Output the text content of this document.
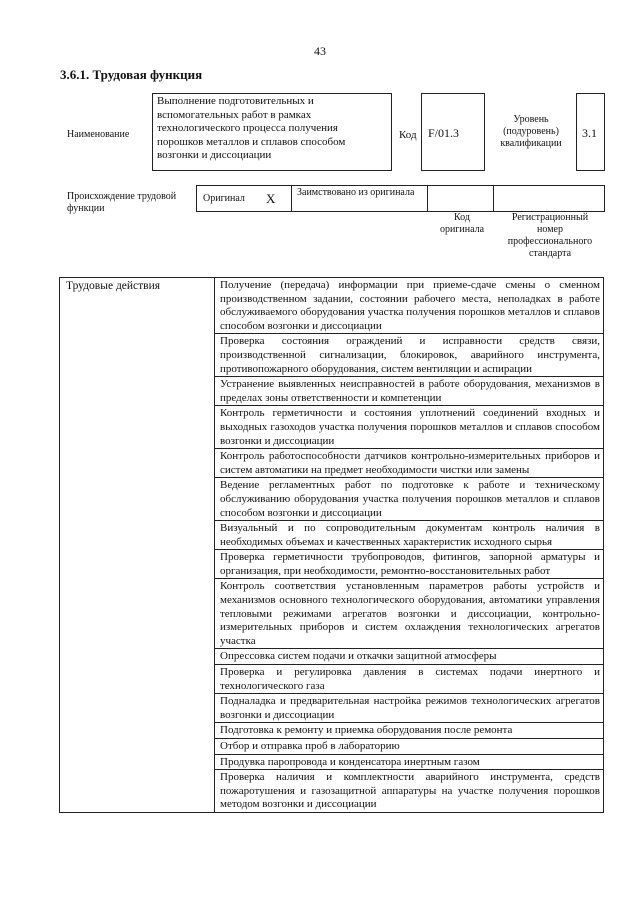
43
3.6.1. Трудовая функция
Наименование
Выполнение подготовительных и вспомогательных работ в рамках технологического процесса получения порошков металлов и сплавов способом возгонки и диссоциации
Код F/01.3
Уровень (подуровень) квалификации
3.1
Происхождение трудовой функции
Оригинал X Заимствовано из оригинала
Код оригинала
Регистрационный номер профессионального стандарта
Трудовые действия	Получение (передача) информации при приеме-сдаче смены о сменном производственном задании, состоянии рабочего места, неполадках в работе обслуживаемого оборудования участка получения порошков металлов и сплавов способом возгонки и диссоциации
Проверка состояния ограждений и исправности средств связи, производственной сигнализации, блокировок, аварийного инструмента, противопожарного оборудования, систем вентиляции и аспирации
Устранение выявленных неисправностей в работе оборудования, механизмов в пределах зоны ответственности и компетенции
Контроль герметичности и состояния уплотнений соединений входных и выходных газоходов участка получения порошков металлов и сплавов способом возгонки и диссоциации
Контроль работоспособности датчиков контрольно-измерительных приборов и систем автоматики на предмет необходимости чистки или замены
Ведение регламентных работ по подготовке к работе и техническому обслуживанию оборудования участка получения порошков металлов и сплавов способом возгонки и диссоциации
Визуальный и по сопроводительным документам контроль наличия в необходимых объемах и качественных характеристик исходного сырья
Проверка герметичности трубопроводов, фитингов, запорной арматуры и организация, при необходимости, ремонтно-восстановительных работ
Контроль соответствия установленным параметров работы устройств и механизмов основного технологического оборудования, автоматики управления тепловыми режимами агрегатов возгонки и диссоциации, контрольно-измерительных приборов и систем охлаждения технологических агрегатов участка
Опрессовка систем подачи и откачки защитной атмосферы
Проверка и регулировка давления в системах подачи инертного и технологического газа
Подналадка и предварительная настройка режимов технологических агрегатов возгонки и диссоциации
Подготовка к ремонту и приемка оборудования после ремонта
Отбор и отправка проб в лабораторию
Продувка паропровода и конденсатора инертным газом
Проверка наличия и комплектности аварийного инструмента, средств пожаротушения и газозащитной аппаратуры на участке получения порошков методом возгонки и диссоциации
